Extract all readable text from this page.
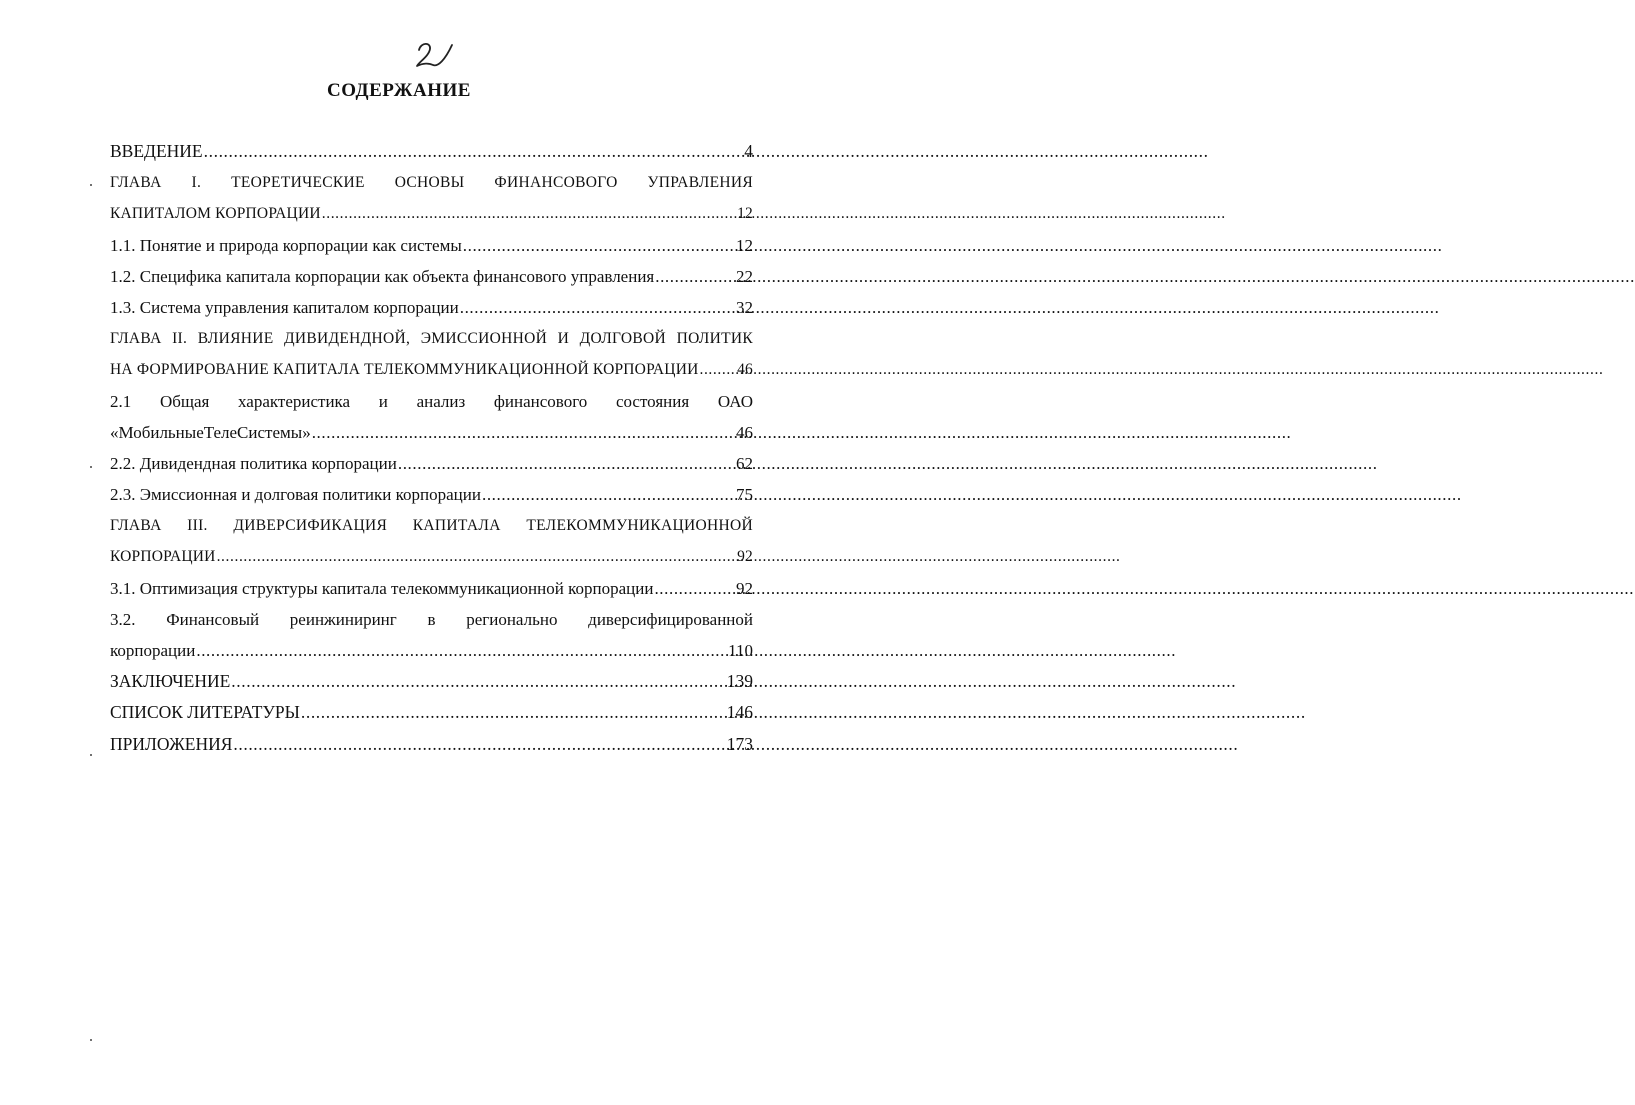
2
СОДЕРЖАНИЕ
ВВЕДЕНИЕ .....	4
ГЛАВА I. ТЕОРЕТИЧЕСКИЕ ОСНОВЫ ФИНАНСОВОГО УПРАВЛЕНИЯ
КАПИТАЛОМ КОРПОРАЦИИ .....	12
1.1. Понятие и природа корпорации как системы .....	12
1.2. Специфика капитала корпорации как объекта финансового управления .....	22
1.3. Система управления капиталом корпорации .....	32
ГЛАВА II. ВЛИЯНИЕ ДИВИДЕНДНОЙ, ЭМИССИОННОЙ И ДОЛГОВОЙ ПОЛИТИК
НА ФОРМИРОВАНИЕ КАПИТАЛА ТЕЛЕКОММУНИКАЦИОННОЙ КОРПОРАЦИИ ..... 46
2.1 Общая характеристика и анализ финансового состояния ОАО
«МобильныеТелеСистемы» .....	46
2.2. Дивидендная политика корпорации .....	62
2.3. Эмиссионная и долговая политики корпорации .....	75
ГЛАВА III. ДИВЕРСИФИКАЦИЯ КАПИТАЛА ТЕЛЕКОММУНИКАЦИОННОЙ
КОРПОРАЦИИ .....	92
3.1. Оптимизация структуры капитала телекоммуникационной корпорации .....	92
3.2. Финансовый реинжиниринг в регионально диверсифицированной
корпорации .....	110
ЗАКЛЮЧЕНИЕ .....	139
СПИСОК ЛИТЕРАТУРЫ .....	146
ПРИЛОЖЕНИЯ .....	173
